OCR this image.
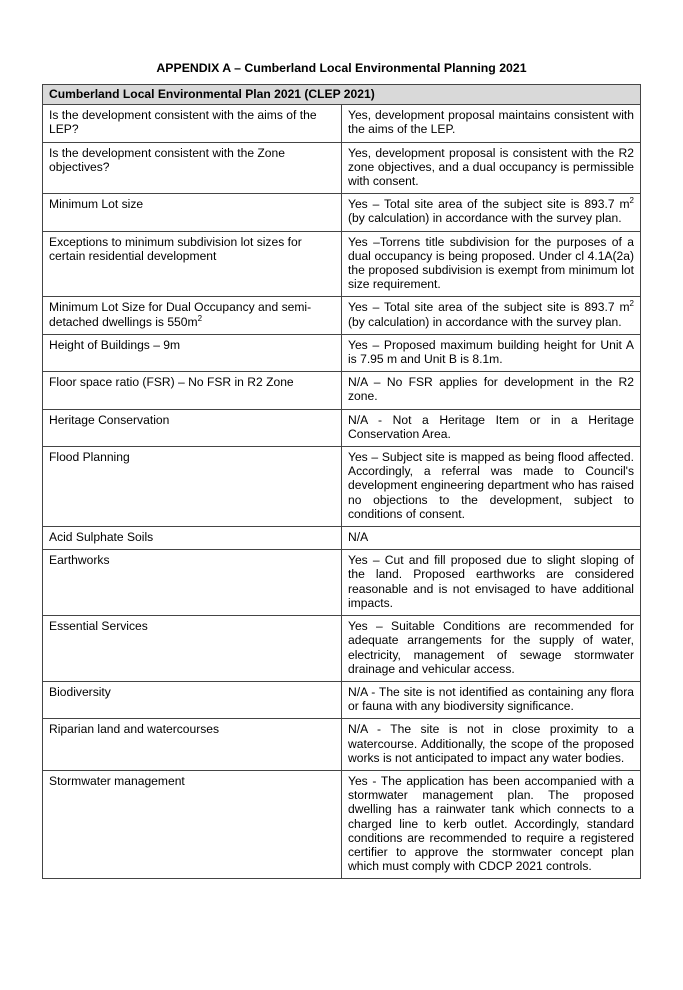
APPENDIX A – Cumberland Local Environmental Planning 2021
Cumberland Local Environmental Plan 2021 (CLEP 2021)	
Is the development consistent with the aims of the LEP?	Yes, development proposal maintains consistent with the aims of the LEP.
Is the development consistent with the Zone objectives?	Yes, development proposal is consistent with the R2 zone objectives, and a dual occupancy is permissible with consent.
Minimum Lot size	Yes – Total site area of the subject site is 893.7 $m^2$ (by calculation) in accordance with the survey plan.
Exceptions to minimum subdivision lot sizes for certain residential development	Yes –Torrens title subdivision for the purposes of a dual occupancy is being proposed. Under cl 4.1A(2a) the proposed subdivision is exempt from minimum lot size requirement.
Minimum Lot Size for Dual Occupancy and semi-detached dwellings is $550m^2$	Yes – Total site area of the subject site is 893.7 $m^2$ (by calculation) in accordance with the survey plan.
Height of Buildings – 9m	Yes – Proposed maximum building height for Unit A is 7.95 m and Unit B is 8.1m.
Floor space ratio (FSR) – No FSR in R2 Zone	N/A – No FSR applies for development in the R2 zone.
Heritage Conservation	N/A - Not a Heritage Item or in a Heritage Conservation Area.
Flood Planning	Yes – Subject site is mapped as being flood affected. Accordingly, a referral was made to Council's development engineering department who has raised no objections to the development, subject to conditions of consent.
Acid Sulphate Soils	N/A
Earthworks	Yes – Cut and fill proposed due to slight sloping of the land. Proposed earthworks are considered reasonable and is not envisaged to have additional impacts.
Essential Services	Yes – Suitable Conditions are recommended for adequate arrangements for the supply of water, electricity, management of sewage stormwater drainage and vehicular access.
Biodiversity	N/A - The site is not identified as containing any flora or fauna with any biodiversity significance.
Riparian land and watercourses	N/A - The site is not in close proximity to a watercourse. Additionally, the scope of the proposed works is not anticipated to impact any water bodies.
Stormwater management	Yes - The application has been accompanied with a stormwater management plan. The proposed dwelling has a rainwater tank which connects to a charged line to kerb outlet. Accordingly, standard conditions are recommended to require a registered certifier to approve the stormwater concept plan which must comply with CDCP 2021 controls.
